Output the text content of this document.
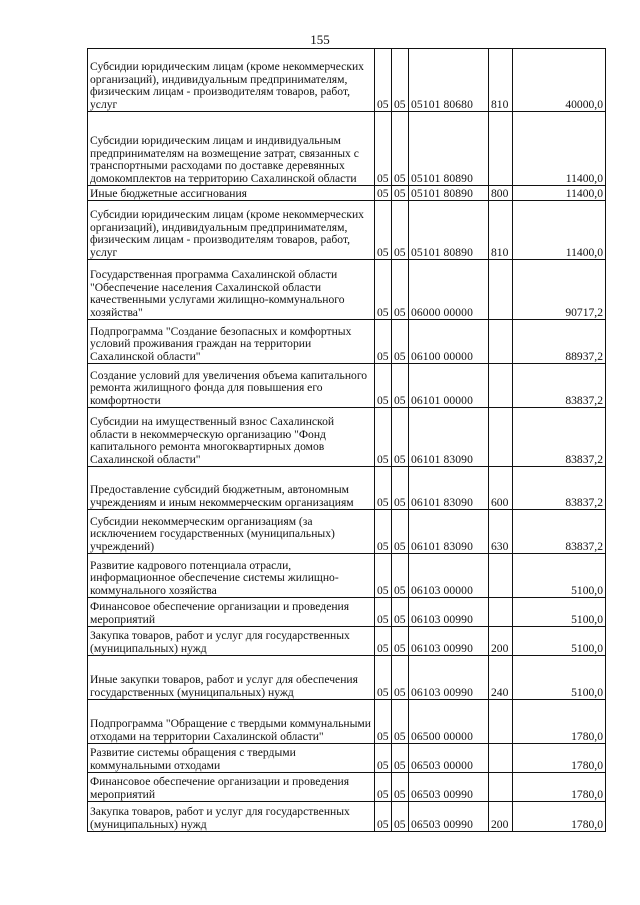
155
Субсидии юридическим лицам (кроме некоммерческих организаций), индивидуальным предпринимателям, физическим лицам - производителям товаров, работ, услуг	05	05	05101 80680	810	40000,0
Субсидии юридическим лицам и индивидуальным предпринимателям на возмещение затрат, связанных с транспортными расходами по доставке деревянных домокомплектов на территорию Сахалинской области	05	05	05101 80890		11400,0
Иные бюджетные ассигнования	05	05	05101 80890	800	11400,0
Субсидии юридическим лицам (кроме некоммерческих организаций), индивидуальным предпринимателям, физическим лицам - производителям товаров, работ, услуг	05	05	05101 80890	810	11400,0
Государственная программа Сахалинской области "Обеспечение населения Сахалинской области качественными услугами жилищно-коммунального хозяйства"	05	05	06000 00000		90717,2
Подпрограмма "Создание безопасных и комфортных условий проживания граждан на территории Сахалинской области"	05	05	06100 00000		88937,2
Создание условий для увеличения объема капитального ремонта жилищного фонда для повышения его комфортности	05	05	06101 00000		83837,2
Субсидии на имущественный взнос Сахалинской области в некоммерческую организацию "Фонд капитального ремонта многоквартирных домов Сахалинской области"	05	05	06101 83090		83837,2
Предоставление субсидий бюджетным, автономным учреждениям и иным некоммерческим организациям	05	05	06101 83090	600	83837,2
Субсидии некоммерческим организациям (за исключением государственных (муниципальных) учреждений)	05	05	06101 83090	630	83837,2
Развитие кадрового потенциала отрасли, информационное обеспечение системы жилищно-коммунального хозяйства	05	05	06103 00000		5100,0
Финансовое обеспечение организации и проведения мероприятий	05	05	06103 00990		5100,0
Закупка товаров, работ и услуг для государственных (муниципальных) нужд	05	05	06103 00990	200	5100,0
Иные закупки товаров, работ и услуг для обеспечения государственных (муниципальных) нужд	05	05	06103 00990	240	5100,0
Подпрограмма "Обращение с твердыми коммунальными отходами на территории Сахалинской области"	05	05	06500 00000		1780,0
Развитие системы обращения с твердыми коммунальными отходами	05	05	06503 00000		1780,0
Финансовое обеспечение организации и проведения мероприятий	05	05	06503 00990		1780,0
Закупка товаров, работ и услуг для государственных (муниципальных) нужд	05	05	06503 00990	200	1780,0
